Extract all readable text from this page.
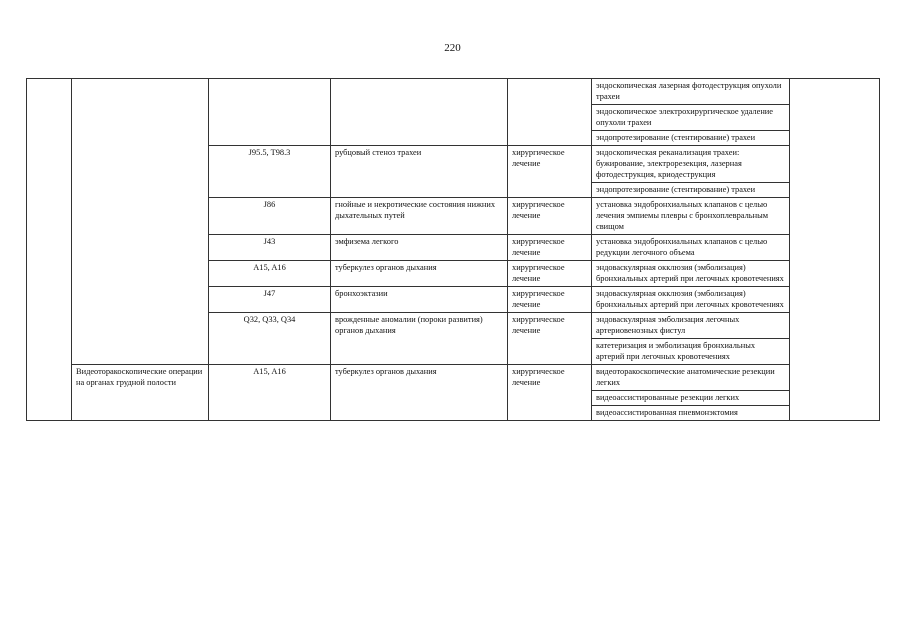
220

					эндоскопическая лазерная фотодеструкция опухоли трахеи
эндоскопическое электрохирургическое удаление опухоли трахеи
эндопротезирование (стентирование) трахеи	

		J95.5, T98.3	рубцовый стеноз трахеи	хирургическое лечение	эндоскопическая реканализация трахеи: бужирование, электрорезекция, лазерная фотодеструкция, криодеструкция
эндопротезирование (стентирование) трахеи	

		J86	гнойные и некротические состояния нижних дыхательных путей	хирургическое лечение	установка эндобронхиальных клапанов с целью лечения эмпиемы плевры с бронхоплевральным свищом	

		J43	эмфизема легкого	хирургическое лечение	установка эндобронхиальных клапанов с целью редукции легочного объема	

		A15, A16	туберкулез органов дыхания	хирургическое лечение	эндоваскулярная окклюзия (эмболизация) бронхиальных артерий при легочных кровотечениях	

		J47	бронхоэктазии	хирургическое лечение	эндоваскулярная окклюзия (эмболизация) бронхиальных артерий при легочных кровотечениях	

		Q32, Q33, Q34	врожденные аномалии (пороки развития) органов дыхания	хирургическое лечение	эндоваскулярная эмболизация легочных артериовенозных фистул
катетеризация и эмболизация бронхиальных артерий при легочных кровотечениях	

	Видеоторакоскопические операции на органах грудной полости	A15, A16	туберкулез органов дыхания	хирургическое лечение	видеоторакоскопические анатомические резекции легких
видеоассистированные резекции легких
видеоассистированная пневмонэктомия	
